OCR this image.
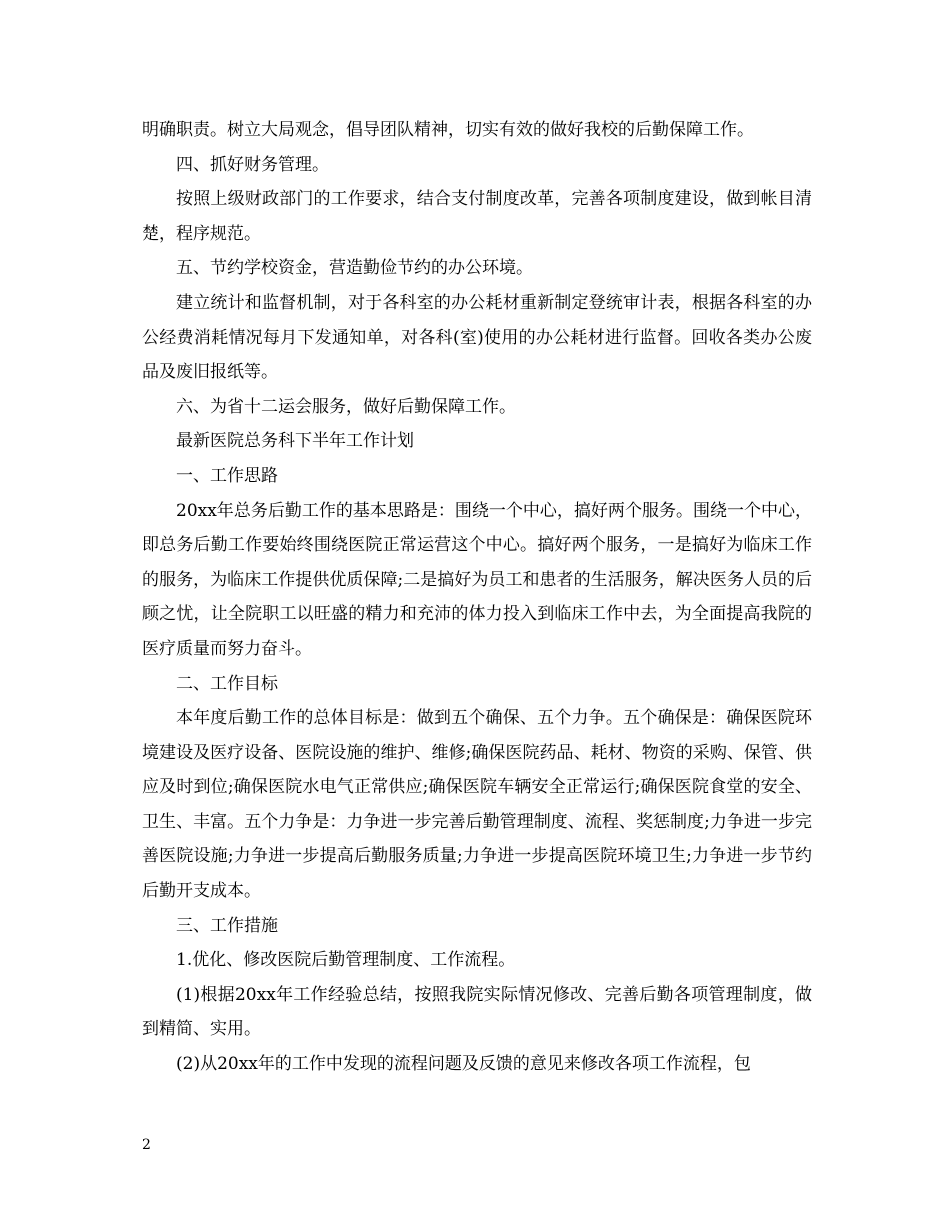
明确职责。树立大局观念，倡导团队精神，切实有效的做好我校的后勤保障工作。

四、抓好财务管理。

按照上级财政部门的工作要求，结合支付制度改革，完善各项制度建设，做到帐目清楚，程序规范。

五、节约学校资金，营造勤俭节约的办公环境。

建立统计和监督机制，对于各科室的办公耗材重新制定登统审计表，根据各科室的办公经费消耗情况每月下发通知单，对各科(室)使用的办公耗材进行监督。回收各类办公废品及废旧报纸等。

六、为省十二运会服务，做好后勤保障工作。

最新医院总务科下半年工作计划

一、工作思路

20xx年总务后勤工作的基本思路是：围绕一个中心，搞好两个服务。围绕一个中心，即总务后勤工作要始终围绕医院正常运营这个中心。搞好两个服务，一是搞好为临床工作的服务，为临床工作提供优质保障;二是搞好为员工和患者的生活服务，解决医务人员的后顾之忧，让全院职工以旺盛的精力和充沛的体力投入到临床工作中去，为全面提高我院的医疗质量而努力奋斗。

二、工作目标

本年度后勤工作的总体目标是：做到五个确保、五个力争。五个确保是：确保医院环境建设及医疗设备、医院设施的维护、维修;确保医院药品、耗材、物资的采购、保管、供应及时到位;确保医院水电气正常供应;确保医院车辆安全正常运行;确保医院食堂的安全、卫生、丰富。五个力争是：力争进一步完善后勤管理制度、流程、奖惩制度;力争进一步完善医院设施;力争进一步提高后勤服务质量;力争进一步提高医院环境卫生;力争进一步节约后勤开支成本。

三、工作措施

1.优化、修改医院后勤管理制度、工作流程。

(1)根据20xx年工作经验总结，按照我院实际情况修改、完善后勤各项管理制度，做到精简、实用。

(2)从20xx年的工作中发现的流程问题及反馈的意见来修改各项工作流程，包

2
